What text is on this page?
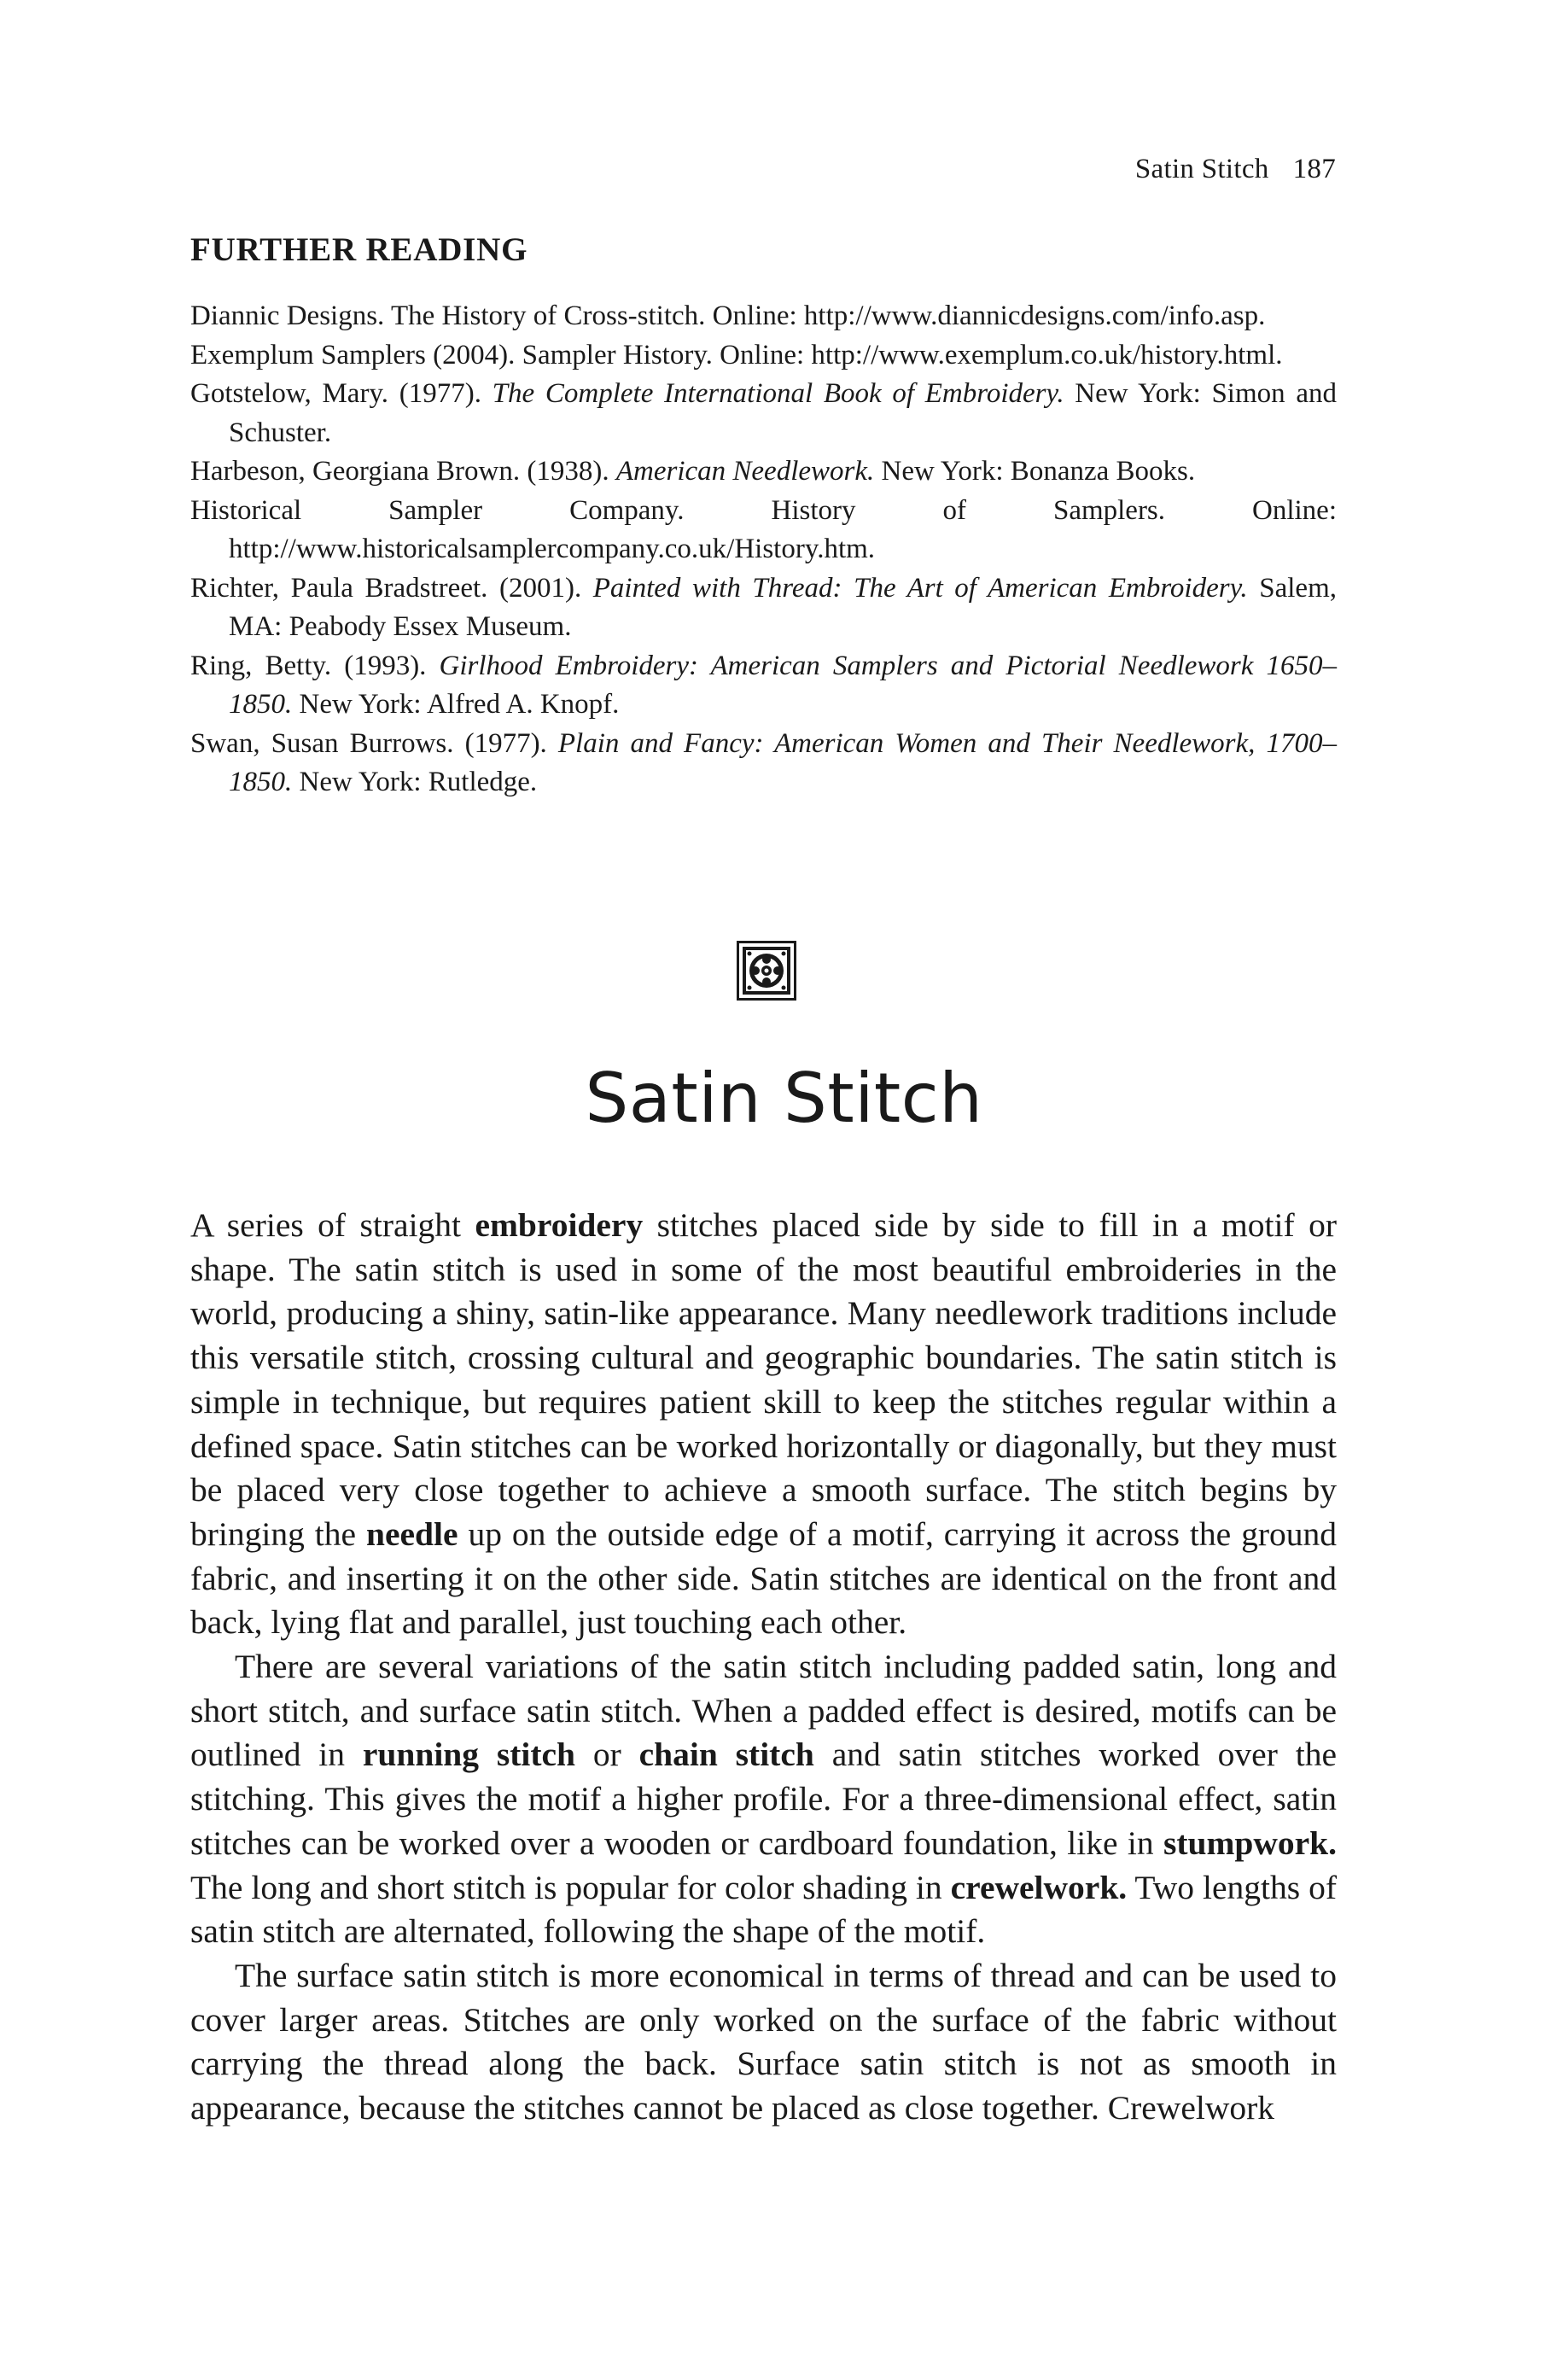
Satin Stitch 187
FURTHER READING

Diannic Designs. The History of Cross-stitch. Online: http://www.diannicdesigns.com/info.asp.

Exemplum Samplers (2004). Sampler History. Online: http://www.exemplum.co.uk/history.html.

Gotstelow, Mary. (1977). The Complete International Book of Embroidery. New York: Simon and Schuster.

Harbeson, Georgiana Brown. (1938). American Needlework. New York: Bonanza Books.

Historical Sampler Company. History of Samplers. Online: http://www.historicalsamplercompany.co.uk/History.htm.

Richter, Paula Bradstreet. (2001). Painted with Thread: The Art of American Embroidery. Salem, MA: Peabody Essex Museum.

Ring, Betty. (1993). Girlhood Embroidery: American Samplers and Pictorial Needlework 1650–1850. New York: Alfred A. Knopf.

Swan, Susan Burrows. (1977). Plain and Fancy: American Women and Their Needlework, 1700–1850. New York: Rutledge.

Satin Stitch

A series of straight embroidery stitches placed side by side to fill in a motif or shape. The satin stitch is used in some of the most beautiful embroideries in the world, producing a shiny, satin-like appearance. Many needlework traditions include this versatile stitch, crossing cultural and geographic boundaries. The satin stitch is simple in technique, but requires patient skill to keep the stitches regular within a defined space. Satin stitches can be worked horizontally or diagonally, but they must be placed very close together to achieve a smooth surface. The stitch begins by bringing the needle up on the outside edge of a motif, carrying it across the ground fabric, and inserting it on the other side. Satin stitches are identical on the front and back, lying flat and parallel, just touching each other.

There are several variations of the satin stitch including padded satin, long and short stitch, and surface satin stitch. When a padded effect is desired, motifs can be outlined in running stitch or chain stitch and satin stitches worked over the stitching. This gives the motif a higher profile. For a three-dimensional effect, satin stitches can be worked over a wooden or cardboard foundation, like in stumpwork. The long and short stitch is popular for color shading in crewelwork. Two lengths of satin stitch are alternated, following the shape of the motif.

The surface satin stitch is more economical in terms of thread and can be used to cover larger areas. Stitches are only worked on the surface of the fabric without carrying the thread along the back. Surface satin stitch is not as smooth in appearance, because the stitches cannot be placed as close together. Crewelwork
